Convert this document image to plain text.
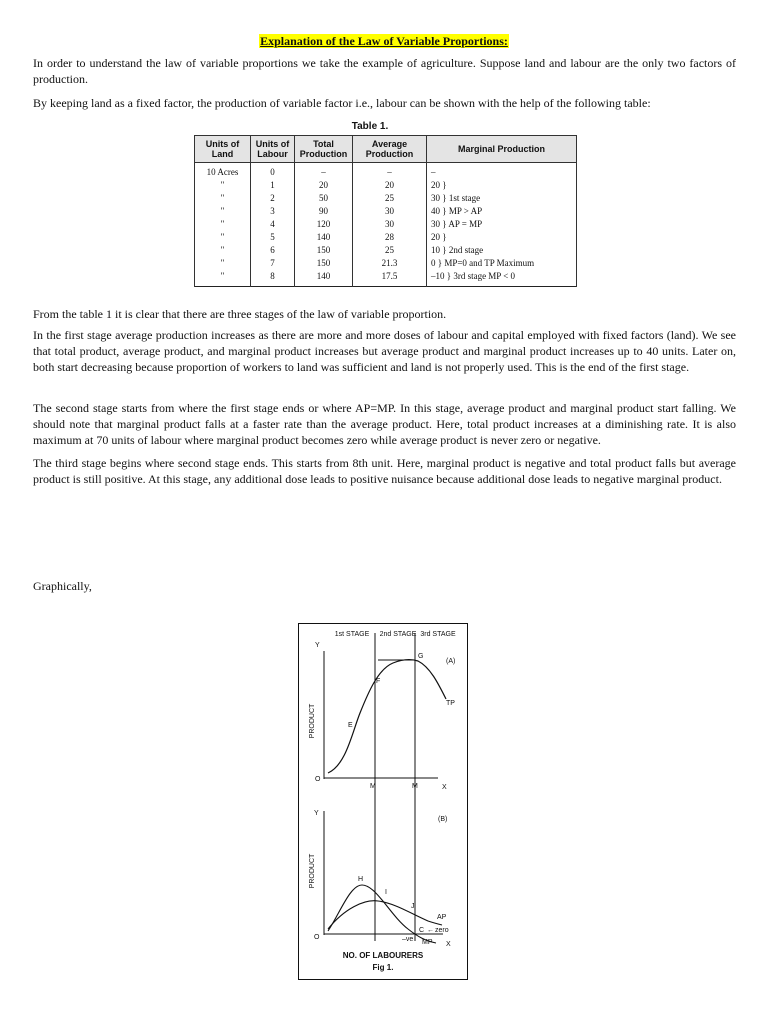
Explanation of the Law of Variable Proportions:

In order to understand the law of variable proportions we take the example of agriculture. Suppose land and labour are the only two factors of production.

By keeping land as a fixed factor, the production of variable factor i.e., labour can be shown with the help of the following table:

Table 1.
Units of Land	Units of Labour	Total Production	Average Production	Marginal Production
10 Acres	0	–	–	–
"	1	20	20	20 }
"	2	50	25	30 } 1st stage
"	3	90	30	40 } MP > AP
"	4	120	30	30 } AP = MP
"	5	140	28	20 }
"	6	150	25	10 } 2nd stage
"	7	150	21.3	0 } MP=0 and TP Maximum
"	8	140	17.5	–10 } 3rd stage MP < 0

From the table 1 it is clear that there are three stages of the law of variable proportion.

In the first stage average production increases as there are more and more doses of labour and capital employed with fixed factors (land). We see that total product, average product, and marginal product increases but average product and marginal product increases up to 40 units. Later on, both start decreasing because proportion of workers to land was sufficient and land is not properly used. This is the end of the first stage.

The second stage starts from where the first stage ends or where AP=MP. In this stage, average product and marginal product start falling. We should note that marginal product falls at a faster rate than the average product. Here, total product increases at a diminishing rate. It is also maximum at 70 units of labour where marginal product becomes zero while average product is never zero or negative.

The third stage begins where second stage ends. This starts from 8th unit. Here, marginal product is negative and total product falls but average product is still positive. At this stage, any additional dose leads to positive nuisance because additional dose leads to negative marginal product.

Graphically,

1st STAGE 2nd STAGE 3rd STAGE
Y
O
X
PRODUCT
(A)
E
F
G
TP
M	M
Y
O
X
PRODUCT
(B)
H
I
J
AP
C ← zero
–ve MP
NO. OF LABOURERS
Fig 1.
